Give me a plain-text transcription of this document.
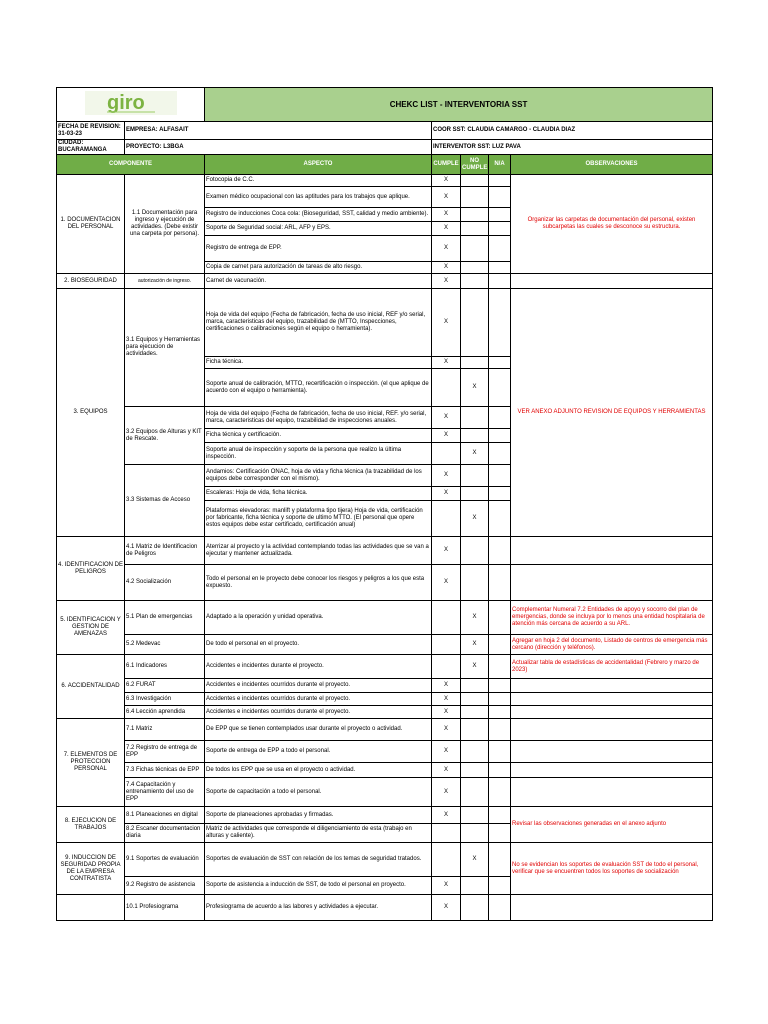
giro		CHEKC LIST - INTERVENTORIA SST				
FECHA DE REVISION: 31-03-23	EMPRESA: ALFASAIT		COOR SST: CLAUDIA CAMARGO - CLAUDIA DIAZ			
CIUDAD: BUCARAMANGA	PROYECTO: L3BGA		INTERVENTOR SST: LUZ PAVA			
COMPONENTE		ASPECTO	CUMPLE	NO CUMPLE	N/A	OBSERVACIONES
1. DOCUMENTACION DEL PERSONAL	1.1 Documentación para ingreso y ejecución de actividades. (Debe existir una carpeta por persona).	Fotocopia de C.C.	X			Organizar las carpetas de documentación del personal, existen subcarpetas las cuales se desconoce su estructura.
		Examen médico ocupacional con las aptitudes para los trabajos que aplique.	X			
		Registro de inducciones Coca cola: (Bioseguridad, SST, calidad y medio ambiente).	X			
		Soporte de Seguridad social: ARL, AFP y EPS.	X			
		Registro de entrega de EPP.	X			
		Copia de carnet para autorización de tareas de alto riesgo.	X			
2. BIOSEGURIDAD	autorización de ingreso.	Carnet de vacunación.	X			
3. EQUIPOS	3.1 Equipos y Herramientas para ejecucion de actividades.	Hoja de vida del equipo (Fecha de fabricación, fecha de uso inicial, REF y/o serial, marca, caracteristicas del equipo, trazabilidad de (MTTO, Inspecciones, certificaciones o calibraciones según el equipo o herramienta).	X			VER ANEXO ADJUNTO REVISION DE EQUIPOS Y HERRAMIENTAS
		Ficha técnica.	X			
		Soporte anual de calibración, MTTO, recertificación o inspección. (el que aplique de acuerdo con el equipo o herramienta).		X		
	3.2 Equipos de Alturas y KIT de Rescate.	Hoja de vida del equipo (Fecha de fabricación, fecha de uso inicial, REF. y/o serial, marca, caracteristicas del equipo, trazabilidad de inspecciones anuales.	X			
		Ficha técnica y certificación.	X			
		Soporte anual de inspección y soporte de la persona que realizo la última inspección.		X		
	3.3 Sistemas de Acceso	Andamios: Certificación ONAC, hoja de vida y ficha técnica (la trazabilidad de los equipos debe corresponder con el mismo).	X			
		Escaleras: Hoja de vida, ficha técnica.	X			
		Plataformas elevadoras: manlift y plataforma tipo tijera) Hoja de vida, certificación por fabricante, ficha técnica y soporte de ultimo MTTO. (El personal que opere estos equipos debe estar certificado, certificación anual)		X		
4. IDENTIFICACION DE PELIGROS	4.1 Matriz de Identificacion de Peligros	Aterrizar al proyecto y la actividad contemplando todas las actividades que se van a ejecutar y mantener actualizada.	X			
	4.2 Socialización	Todo el personal en le proyecto debe conocer los riesgos y peligros a los que esta expuesto.	X			
5. IDENTIFICACION Y GESTION DE AMENAZAS	5.1 Plan de emergencias	Adaptado a la operación y unidad operativa.		X		Complementar Numeral 7.2 Entidades de apoyo y socorro del plan de emergencias, donde se incluya por lo menos una entidad hospitalaria de atención más cercana de acuerdo a su ARL.
	5.2 Medevac	De todo el personal en el proyecto.		X		Agregar en hoja 2 del documento, Listado de centros de emergencia más cercano (dirección y teléfonos).
6. ACCIDENTALIDAD	6.1 Indicadores	Accidentes e incidentes durante el proyecto.		X		Actualizar tabla de estadísticas de accidentalidad (Febrero y marzo de 2023)
	6.2 FURAT	Accidentes e incidentes ocurridos durante el proyecto.	X			
	6.3 Investigación	Accidentes e incidentes ocurridos durante el proyecto.	X			
	6.4 Lección aprendida	Accidentes e incidentes ocurridos durante el proyecto.	X			
7. ELEMENTOS DE PROTECCION PERSONAL	7.1 Matriz	De EPP que se tienen contemplados usar durante el proyecto o actividad.	X			
	7.2 Registro de entrega de EPP	Soporte de entrega de EPP a todo el personal.	X			
	7.3 Fichas técnicas de EPP	De todos los EPP que se usa en el proyecto o actividad.	X			
	7.4 Capacitación y entrenamiento del uso de EPP	Soporte de capacitación a todo el personal.	X			
8. EJECUCION DE TRABAJOS	8.1 Planeaciones en digital	Soporte de planeaciones aprobadas y firmadas.	X			Revisar las observaciones generadas en el anexo adjunto
	8.2 Escaner documentacion diaria	Matriz de actividades que corresponde el diligenciamiento de esta (trabajo en alturas y caliente).				
9. INDUCCION DE SEGURIDAD PROPIA DE LA EMPRESA CONTRATISTA	9.1 Soportes de evaluación	Soportes de evaluación de SST con relación de los temas de seguridad tratados.		X		No se evidencian los soportes de evaluación SST de todo el personal, verificar que se encuentren todos los soportes de socialización
	9.2 Registro de asistencia	Soporte de asistencia a inducción de SST, de todo el personal en proyecto.	X			
	10.1 Profesiograma	Profesiograma de acuerdo a las labores y actividades a ejecutar.	X			
